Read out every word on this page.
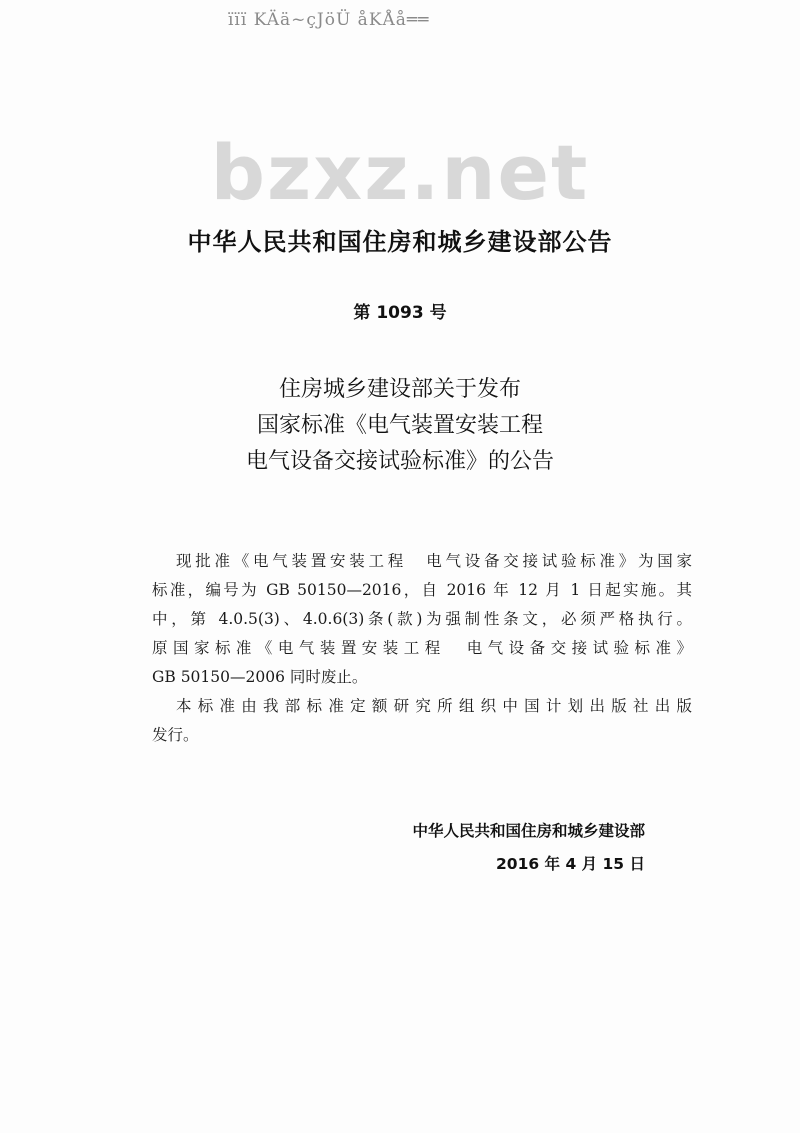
ïïï KÄä~çJöÜ åKÅå══
bzxz.net
中华人民共和国住房和城乡建设部公告
第 1093 号
住房城乡建设部关于发布
国家标准《电气装置安装工程
电气设备交接试验标准》的公告
现批准《电气装置安装工程　电气设备交接试验标准》为国家
标准，编号为 GB 50150—2016，自 2016 年 12 月 1 日起实施。其
中，第 4.0.5(3)、4.0.6(3)条(款)为强制性条文，必须严格执行。
原国家标准《电气装置安装工程　电气设备交接试验标准》
GB 50150—2006 同时废止。
本标准由我部标准定额研究所组织中国计划出版社出版
发行。
中华人民共和国住房和城乡建设部
2016 年 4 月 15 日
